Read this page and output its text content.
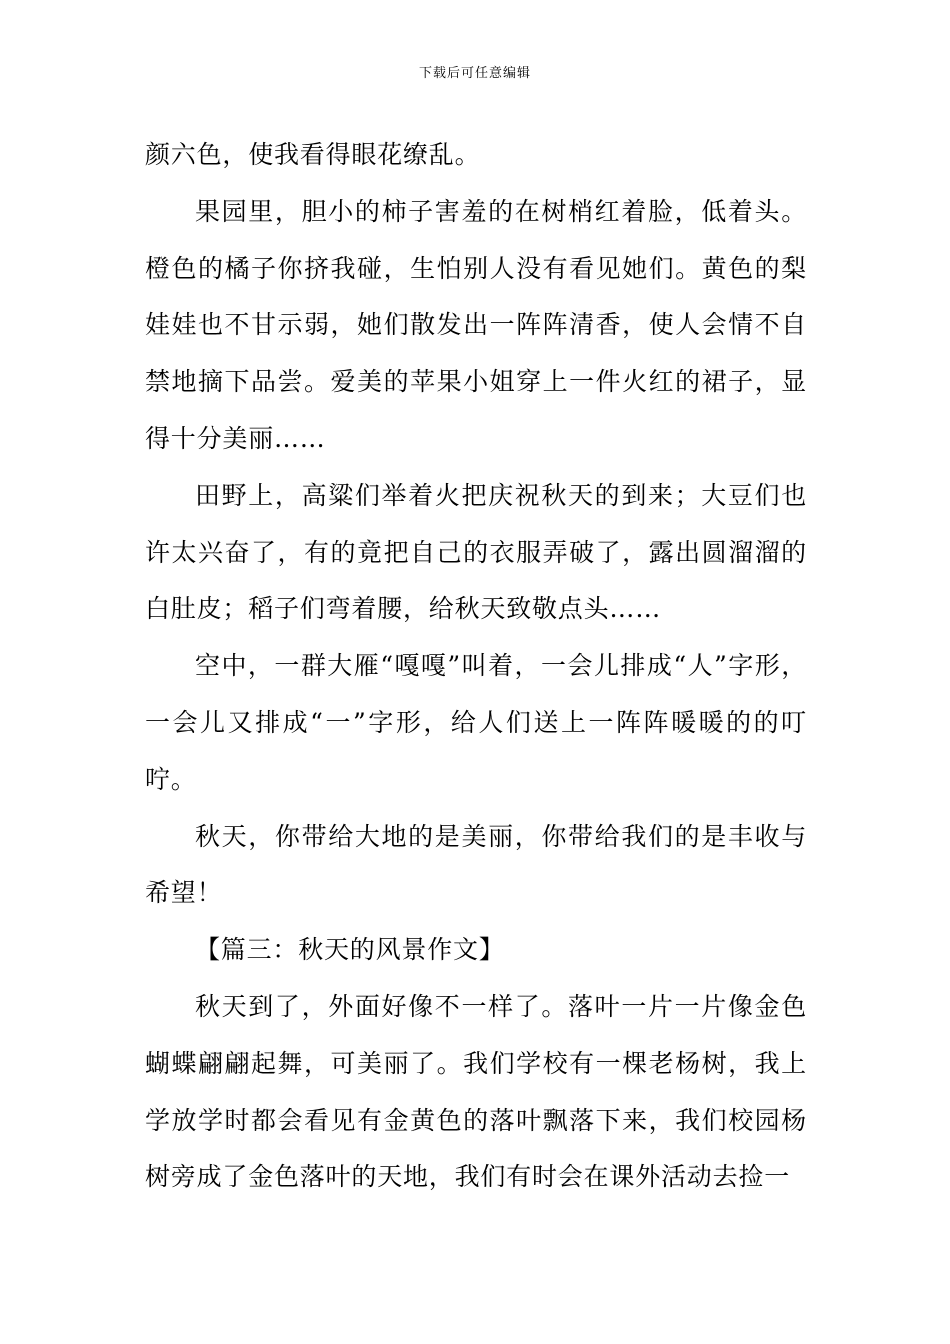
下载后可任意编辑

颜六色，使我看得眼花缭乱。

果园里，胆小的柿子害羞的在树梢红着脸，低着头。橙色的橘子你挤我碰，生怕别人没有看见她们。黄色的梨娃娃也不甘示弱，她们散发出一阵阵清香，使人会情不自禁地摘下品尝。爱美的苹果小姐穿上一件火红的裙子，显得十分美丽……

田野上，高粱们举着火把庆祝秋天的到来；大豆们也许太兴奋了，有的竟把自己的衣服弄破了，露出圆溜溜的白肚皮；稻子们弯着腰，给秋天致敬点头……

空中，一群大雁“嘎嘎”叫着，一会儿排成“人”字形，一会儿又排成“一”字形，给人们送上一阵阵暖暖的的叮咛。

秋天，你带给大地的是美丽，你带给我们的是丰收与希望！

【篇三：秋天的风景作文】

秋天到了，外面好像不一样了。落叶一片一片像金色蝴蝶翩翩起舞，可美丽了。我们学校有一棵老杨树，我上学放学时都会看见有金黄色的落叶飘落下来，我们校园杨树旁成了金色落叶的天地，我们有时会在课外活动去捡一
